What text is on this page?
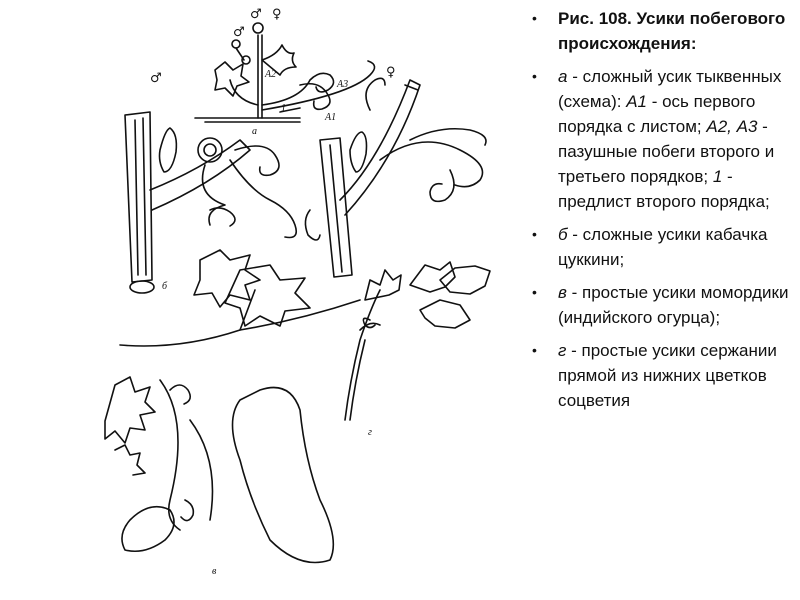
а
б
в
г
A1
A2
A3
1
♂ ♀
♂
♂	♀
• Рис. 108. Усики побегового происхождения:
• а - сложный усик тыквенных (схема): А1 - ось первого порядка с листом; А2, А3 - пазушные побеги второго и третьего порядков; 1 - предлист второго порядка;
• б - сложные усики кабачка цуккини;
• в - простые усики момордики (индийского огурца);
• г - простые усики сержании прямой из нижних цветков соцветия
